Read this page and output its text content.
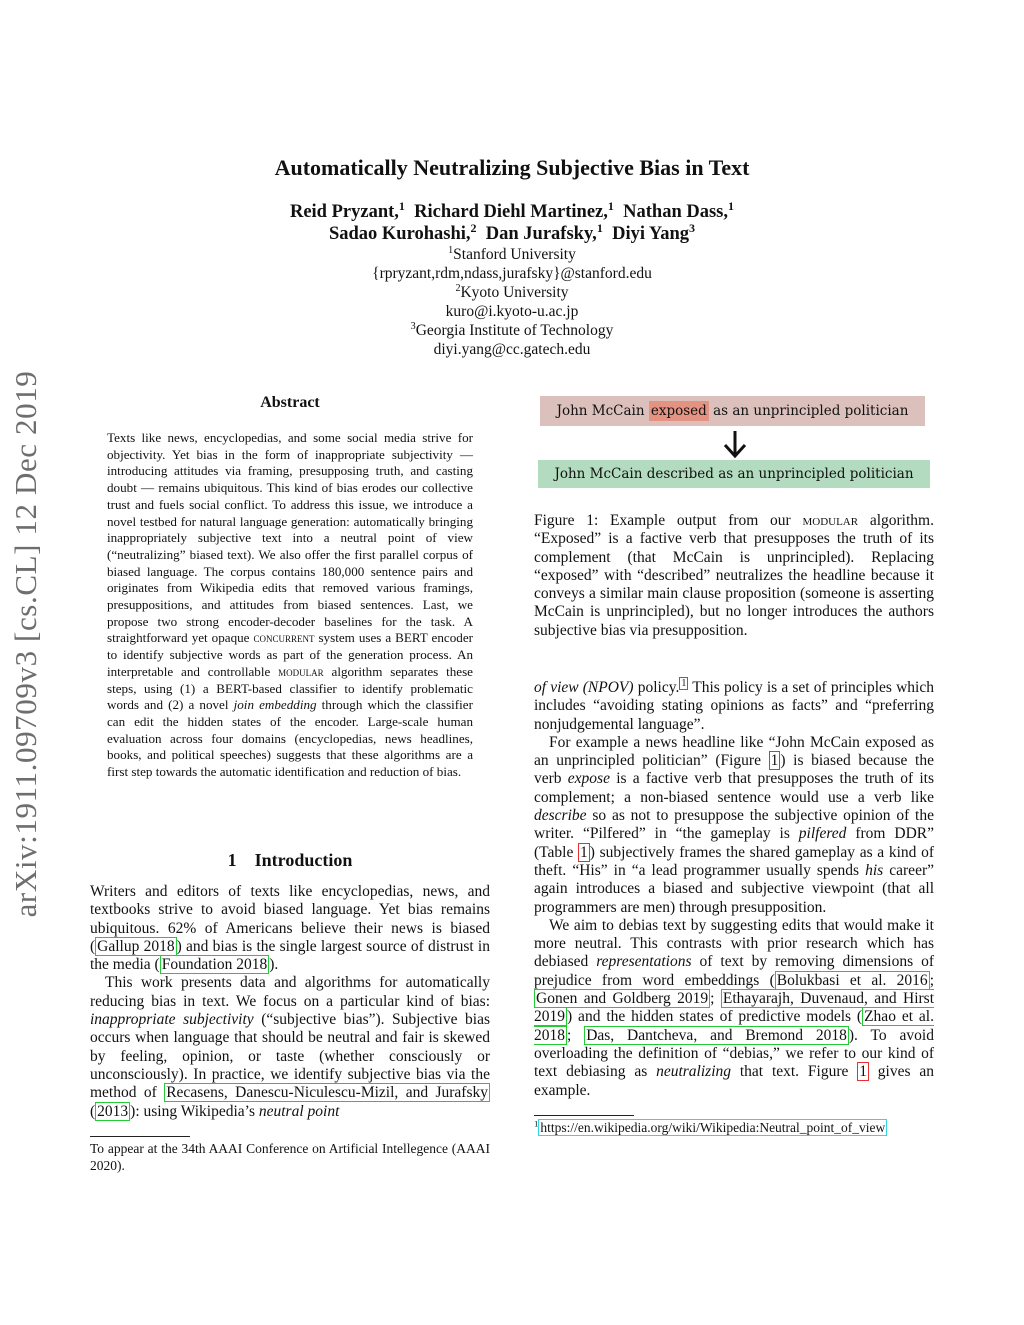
arXiv:1911.09709v3 [cs.CL] 12 Dec 2019
Automatically Neutralizing Subjective Bias in Text
Reid Pryzant,$^1$ Richard Diehl Martinez,$^1$ Nathan Dass,$^1$
Sadao Kurohashi,$^2$ Dan Jurafsky,$^1$ Diyi Yang$^3$
$^1$Stanford University
{rpryzant,rdm,ndass,jurafsky}@stanford.edu
$^2$Kyoto University
kuro@i.kyoto-u.ac.jp
$^3$Georgia Institute of Technology
diyi.yang@cc.gatech.edu
Abstract
Texts like news, encyclopedias, and some social media strive for objectivity. Yet bias in the form of inappropriate subjectivity — introducing attitudes via framing, presupposing truth, and casting doubt — remains ubiquitous. This kind of bias erodes our collective trust and fuels social conflict. To address this issue, we introduce a novel testbed for natural language generation: automatically bringing inappropriately subjective text into a neutral point of view (“neutralizing” biased text). We also offer the first parallel corpus of biased language. The corpus contains 180,000 sentence pairs and originates from Wikipedia edits that removed various framings, presuppositions, and attitudes from biased sentences. Last, we propose two strong encoder-decoder baselines for the task. A straightforward yet opaque concurrent system uses a BERT encoder to identify subjective words as part of the generation process. An interpretable and controllable modular algorithm separates these steps, using (1) a BERT-based classifier to identify problematic words and (2) a novel join embedding through which the classifier can edit the hidden states of the encoder. Large-scale human evaluation across four domains (encyclopedias, news headlines, books, and political speeches) suggests that these algorithms are a first step towards the automatic identification and reduction of bias.
1    Introduction

Writers and editors of texts like encyclopedias, news, and textbooks strive to avoid biased language. Yet bias remains ubiquitous. 62% of Americans believe their news is biased ( Gallup 2018 ) and bias is the single largest source of distrust in the media ( Foundation 2018 ).

This work presents data and algorithms for automatically reducing bias in text. We focus on a particular kind of bias: inappropriate subjectivity (“subjective bias”). Subjective bias occurs when language that should be neutral and fair is skewed by feeling, opinion, or taste (whether consciously or unconsciously). In practice, we identify subjective bias via the method of Recasens, Danescu-Niculescu-Mizil, and Jurafsky ( 2013 ): using Wikipedia’s neutral point

To appear at the 34th AAAI Conference on Artificial Intellegence (AAAI 2020).
John McCain exposed as an unprincipled politician
John McCain described as an unprincipled politician
Figure 1: Example output from our modular algorithm. “Exposed” is a factive verb that presupposes the truth of its complement (that McCain is unprincipled). Replacing “exposed” with “described” neutralizes the headline because it conveys a similar main clause proposition (someone is asserting McCain is unprincipled), but no longer introduces the authors subjective bias via presupposition.

of view (NPOV) policy. $^1$ This policy is a set of principles which includes “avoiding stating opinions as facts” and “preferring nonjudgemental language”.

For example a news headline like “John McCain exposed as an unprincipled politician” (Figure 1 ) is biased because the verb expose is a factive verb that presupposes the truth of its complement; a non-biased sentence would use a verb like describe so as not to presuppose the subjective opinion of the writer. “Pilfered” in “the gameplay is pilfered from DDR” (Table 1 ) subjectively frames the shared gameplay as a kind of theft. “His” in “a lead programmer usually spends his career” again introduces a biased and subjective viewpoint (that all programmers are men) through presupposition.

We aim to debias text by suggesting edits that would make it more neutral. This contrasts with prior research which has debiased representations of text by removing dimensions of prejudice from word embeddings ( Bolukbasi et al. 2016 ; Gonen and Goldberg 2019 ; Ethayarajh, Duvenaud, and Hirst 2019 ) and the hidden states of predictive models ( Zhao et al. 2018 ; Das, Dantcheva, and Bremond 2018 ). To avoid overloading the definition of “debias,” we refer to our kind of text debiasing as neutralizing that text. Figure 1 gives an example.

$^1$ https://en.wikipedia.org/wiki/Wikipedia:Neutral_point_of_view
